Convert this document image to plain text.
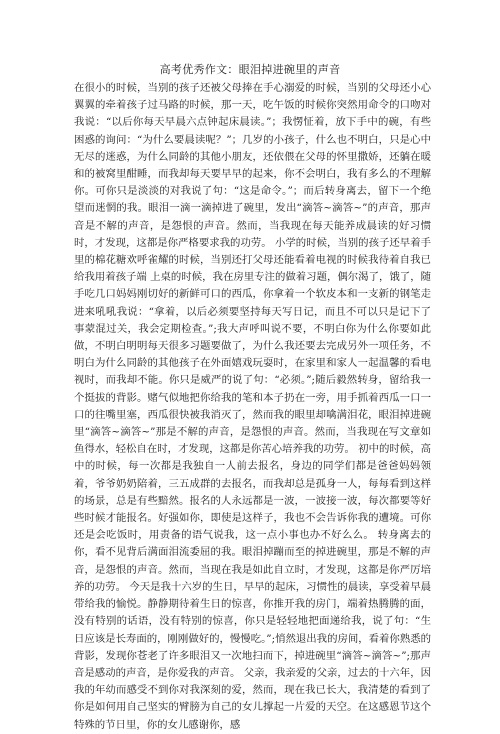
高考优秀作文：眼泪掉进碗里的声音

在很小的时候，当别的孩子还被父母捧在手心溺爱的时候，当别的父母还小心翼翼的牵着孩子过马路的时候，那一天，吃午饭的时候你突然用命令的口吻对我说：“以后你每天早晨六点钟起床晨读。”；我愣怔着，放下手中的碗，有些困惑的询问：“为什么要晨读呢？”；几岁的小孩子，什么也不明白，只是心中无尽的迷惑，为什么同龄的其他小朋友，还依偎在父母的怀里撒娇，还躺在暖和的被窝里酣睡，而我却每天要早早的起来，你不会明白，我有多么的不理解你。可你只是淡淡的对我说了句：“这是命令。”；而后转身离去，留下一个绝望而迷惘的我。眼泪一滴一滴掉进了碗里，发出“滴答~滴答~”的声音，那声音是不解的声音，是怨恨的声音。然而，当我现在每天能养成晨读的好习惯时，才发现，这都是你严格要求我的功劳。 小学的时候，当别的孩子还早着手里的棉花糖欢呼雀耀的时候，当别还打父母还能看着电视的时候我待着自我已给我用着孩子端 上桌的时候，我在房里专注的做着习题，偶尔渴了，饿了，随手吃几口妈妈刚切好的新鲜可口的西瓜，你拿着一个软皮本和一支新的钢笔走进来吼吼我说：“拿着，以后必须要坚持每天写日记，而且不可以只是记下了事蒙混过关，我会定期检查。”;我大声呼叫说不要，不明白你为什么你要如此做，不明白明明每天很多习题要做了，为什么我还要去完成另外一项任务，不明白为什么同龄的其他孩子在外面嬉戏玩耍时，在家里和家人一起温馨的看电视时，而我却不能。你只是威严的说了句：“必须。”;随后毅然转身，留给我一个挺拔的背影。赌气似地把你给我的笔和本子扔在一旁，用手抓着西瓜一口一口的往嘴里塞，西瓜很快被我消灭了，然而我的眼里却噙满泪花，眼泪掉进碗里“滴答~滴答~”那是不解的声音，是怨恨的声音。然而，当我现在写文章如鱼得水，轻松自在时，才发现，这都是你苦心培养我的功劳。 初中的时候，高中的时候，每一次都是我独自一人前去报名，身边的同学们都是爸爸妈妈领着，爷爷奶奶陪着，三五成群的去报名，而我却总是孤身一人，每每看到这样的场景，总是有些黯然。报名的人永远都是一波，一波接一波，每次都要等好些时候才能报名。好强如你，即使是这样子，我也不会告诉你我的遭境。可你还是会吃饭时，用责备的语气说我，这一点小事也办不好么么。 转身离去的你，看不见背后满面泪流委屈的我。眼泪掉蹦而至的掉进碗里，那是不解的声音，是怨恨的声音。然而，当现在我是如此自立时，才发现，这都是你严厉培养的功劳。 今天是我十六岁的生日，早早的起床，习惯性的晨读，享受着早晨带给我的愉悦。静静期待着生日的惊喜，你推开我的房门，端着热腾腾的面，没有特别的话语，没有特别的惊喜，你只是轻轻地把面递给我，说了句：“生日应该是长寿面的，刚刚做好的，慢慢吃。”;悄然退出我的房间，看着你熟悉的背影，发现你苍老了许多眼泪又一次地扫而下，掉进碗里“滴答~滴答~”;那声音是感动的声音，是你爱我的声音。 父亲，我亲爱的父亲，过去的十六年，因我的年幼而感受不到你对我深刻的爱，然而，现在我已长大，我清楚的看到了你是如何用自己坚实的臂膀为自己的女儿撑起一片爱的天空。在这感恩节这个特殊的节日里，你的女儿感谢你，感
